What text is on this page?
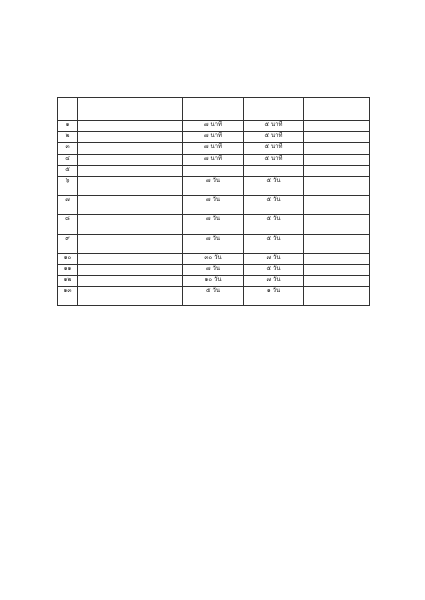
๑		๗ นาที	๕ นาที	
๒		๗ นาที	๕ นาที	
๓		๗ นาที	๕ นาที	
๔		๗ นาที	๕ นาที	
๕				
๖		๗ วัน	๕ วัน	
๗		๗ วัน	๕ วัน	
๘		๗ วัน	๕ วัน	
๙		๗ วัน	๕ วัน	
๑๐		๓๐ วัน	๗ วัน	
๑๑		๗ วัน	๕ วัน	
๑๒		๑๐ วัน	๗ วัน	
๑๓		๕ วัน	๑ วัน	
